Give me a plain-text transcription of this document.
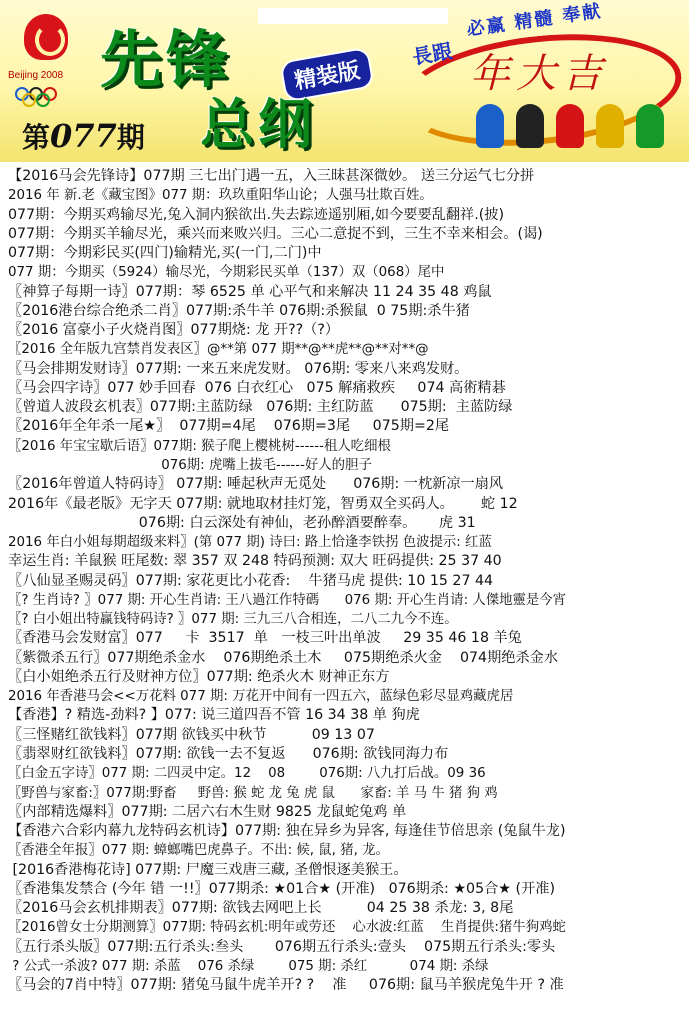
Beijing 2008 先锋	精装版
总纲
第077期
必赢 精髓 奉献
長跟 年大吉
【2016马会先锋诗】077期 三七出门遇一五，入三昧甚深微妙。 送三分运气七分拼
2016 年 新.老《藏宝图》077 期：玖玖重阳华山论；人强马壮欺百姓。
077期：今期买鸡输尽光,兔入洞内猴欲出.失去踪迹遥别厢,如今要要乱翻祥.(披)
077期：今期买羊输尽光，乘兴而来败兴归。三心二意捉不到，三生不幸来相会。(谒)
077期：今期彩民买(四门)输精光,买(一门,二门)中
077 期：今期买（5924）输尽光，今期彩民买单（137）双（068）尾中
〖神算子每期一诗〗077期：琴 6525 单 心平气和来解决 11 24 35 48 鸡鼠
〖2016港台综合绝杀二肖〗077期:杀牛羊 076期:杀猴鼠  0 75期:杀牛猪
〖2016 富豪小子火烧肖图〗077期烧: 龙 开??（?）
〖2016 全年版九宫禁肖发表区〗@**第 077 期**@**虎**@**对**@
〖马会排期发财诗〗077期: 一来五来虎发财。 076期: 零来八来鸡发财。
〖马会四字诗〗077 妙手回春  076 白衣红心   075 解痛救疾     074 高術精碁
〖曾道人波段玄机表〗077期:主蓝防绿   076期: 主红防蓝      075期:  主蓝防绿
〖2016年全年杀一尾★〗  077期=4尾    076期=3尾     075期=2尾
〖2016 年宝宝歇后语〗077期: 猴子爬上樱桃树------租人吃细根
076期: 虎嘴上拔毛------好人的胆子
〖2016年曾道人特码诗〗 077期: 唾起秋声无觅处      076期: 一枕新凉一扇风
2016年《最老版》无字天 077期: 就地取材挂灯笼，智勇双全买码人。      蛇 12
076期: 白云深处有神仙，老孙醉酒要醉奉。     虎 31
2016 年白小姐每期超级来料〗(第 077 期) 诗曰: 路上恰逢李铁拐 色波提示: 红蓝
幸运生肖: 羊鼠猴 旺尾数: 翠 357 双 248 特码预测: 双大 旺码提供: 25 37 40
〖八仙显圣赐灵码〗077期: 家花更比小花香:    牛猪马虎 提供: 10 15 27 44
〖? 生肖诗? 〗077 期: 开心生肖请: 王八過江作特碼      076 期: 开心生肖请: 人傑地靈是今宵
〖? 白小姐出特赢钱特码诗? 〗077 期: 三九三八合相连，二八二九今不连。
〖香港马会发财富〗077     卡  3517  单   一枝三叶出单波     29 35 46 18 羊兔
〖紫微杀五行〗077期绝杀金水    076期绝杀土木     075期绝杀火金    074期绝杀金水
〖白小姐绝杀五行及财神方位〗077期: 绝杀火木 财神正东方
2016 年香港马会<<万花料 077 期: 万花开中间有一四五六，蓝绿色彩尽显鸡藏虎居
【香港】? 精选-劲料? 】077: 说三道四吾不管 16 34 38 单 狗虎
〖三怪赌红欲钱料〗077期 欲钱买中秋节          09 13 07
〖翡翠财红欲钱料〗077期: 欲钱一去不复返      076期: 欲钱同海力布
〖白金五字诗〗077 期: 二四灵中定。12    08        076期: 八九打后战。09 36
〖野兽与家畜:〗077期:野畜     野兽: 猴 蛇 龙 兔 虎 鼠      家畜: 羊 马 牛 猪 狗 鸡
〖内部精选爆料〗077期: 二居六右木生财 9825 龙鼠蛇兔鸡 单
【香港六合彩内幕九龙特码玄机诗】077期: 独在异乡为异客, 每逢佳节倍思亲 (兔鼠牛龙)
〖香港全年报〗077 期: 蟑螂嘴巴虎鼻子。不出: 候, 鼠, 猪, 龙。
[2016香港梅花诗] 077期: 尸魔三戏唐三藏, 圣僧恨逐美猴王。
〖香港集发禁合 (今年 错 一!!〗077期杀: ★01合★ (开准)   076期杀: ★05合★ (开准)
〖2016马会玄机排期表〗077期: 欲钱去网吧上长          04 25 38 杀龙: 3, 8尾
〖2016曾女士分期测算〗077期: 特码玄机:明年或劳还    心水波:红蓝    生肖提供:猪牛狗鸡蛇
〖五行杀头版〗077期:五行杀头:叁头       076期五行杀头:壹头    075期五行杀头:零头
? 公式一杀波? 077 期: 杀蓝    076 杀绿        075 期: 杀红          074 期: 杀绿
〖马会的7肖中特〗077期: 猪兔马鼠牛虎羊开? ?    准     076期: 鼠马羊猴虎兔牛开 ? 准
